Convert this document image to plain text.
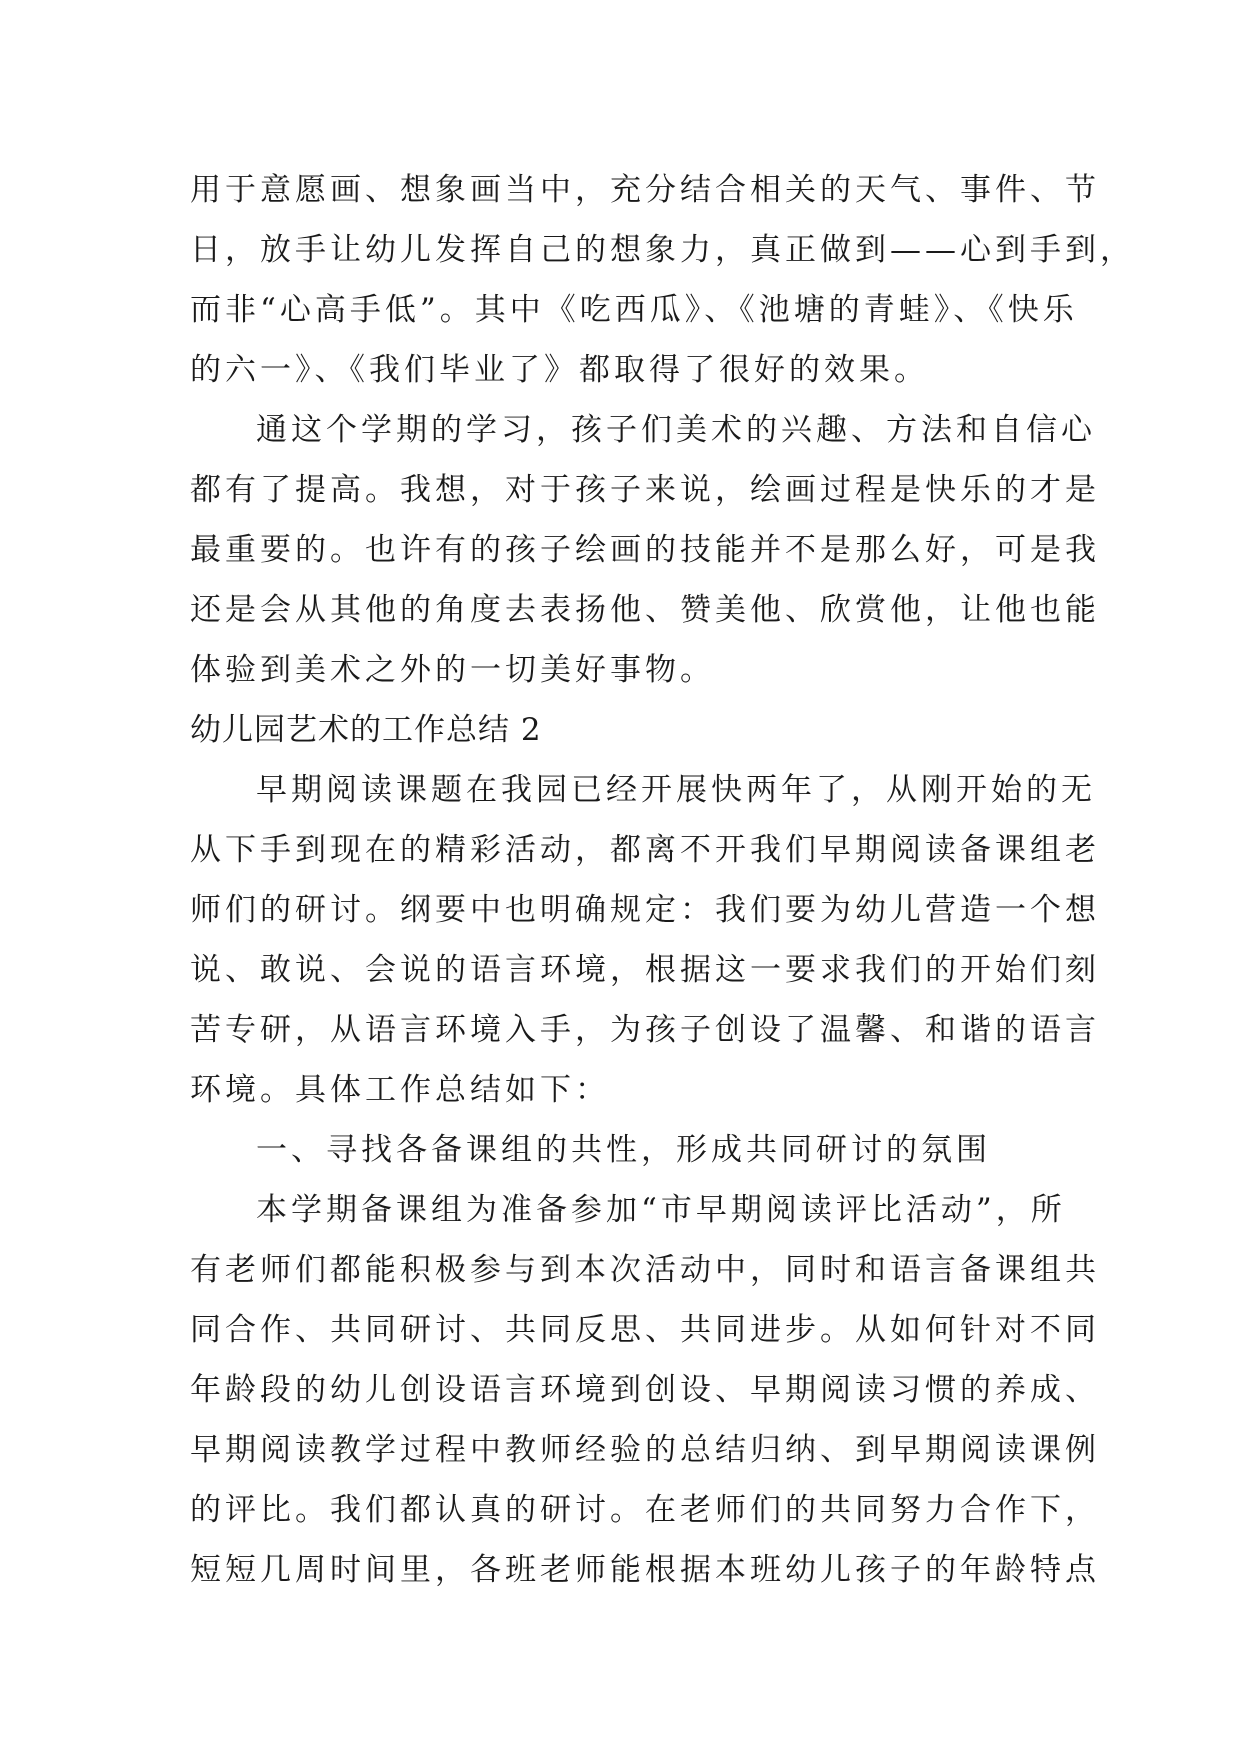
用于意愿画、想象画当中，充分结合相关的天气、事件、节
日，放手让幼儿发挥自己的想象力，真正做到——心到手到，
而非“心高手低”。其中《吃西瓜》、《池塘的青蛙》、《快乐
的六一》、《我们毕业了》都取得了很好的效果。
通这个学期的学习，孩子们美术的兴趣、方法和自信心
都有了提高。我想，对于孩子来说，绘画过程是快乐的才是
最重要的。也许有的孩子绘画的技能并不是那么好，可是我
还是会从其他的角度去表扬他、赞美他、欣赏他，让他也能
体验到美术之外的一切美好事物。
幼儿园艺术的工作总结 2
早期阅读课题在我园已经开展快两年了，从刚开始的无
从下手到现在的精彩活动，都离不开我们早期阅读备课组老
师们的研讨。纲要中也明确规定：我们要为幼儿营造一个想
说、敢说、会说的语言环境，根据这一要求我们的开始们刻
苦专研，从语言环境入手，为孩子创设了温馨、和谐的语言
环境。具体工作总结如下：
一、寻找各备课组的共性，形成共同研讨的氛围
本学期备课组为准备参加“市早期阅读评比活动”，所
有老师们都能积极参与到本次活动中，同时和语言备课组共
同合作、共同研讨、共同反思、共同进步。从如何针对不同
年龄段的幼儿创设语言环境到创设、早期阅读习惯的养成、
早期阅读教学过程中教师经验的总结归纳、到早期阅读课例
的评比。我们都认真的研讨。在老师们的共同努力合作下，
短短几周时间里，各班老师能根据本班幼儿孩子的年龄特点
